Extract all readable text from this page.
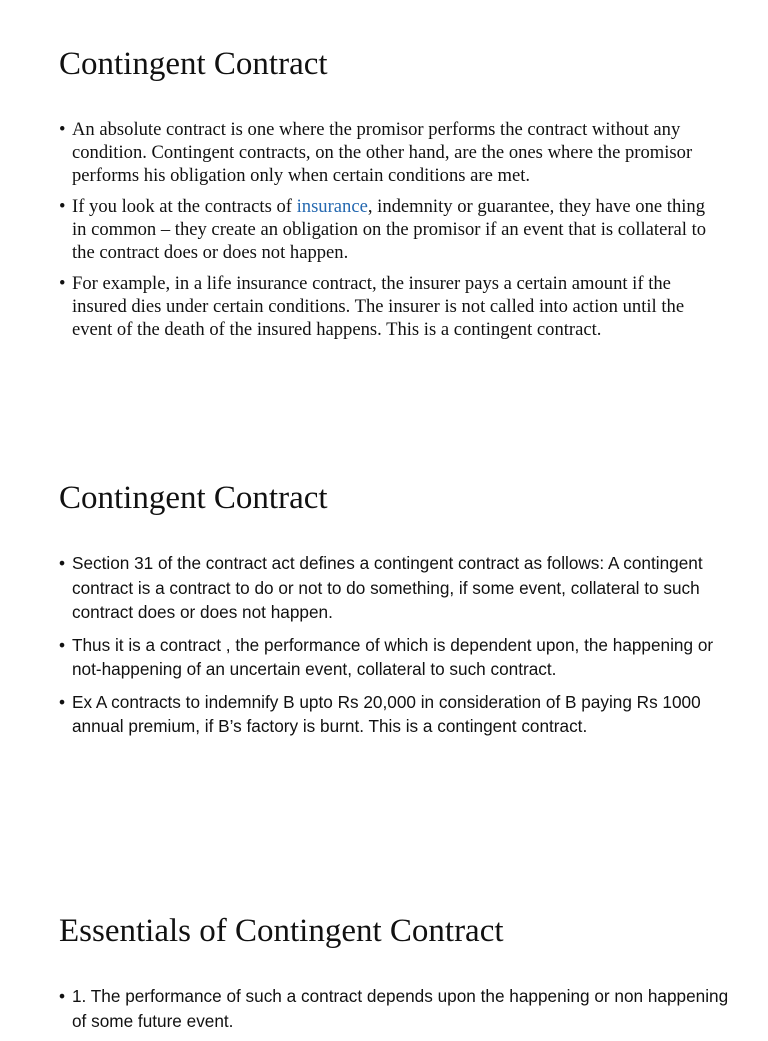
Contingent Contract
• An absolute contract is one where the promisor performs the contract without any condition. Contingent contracts, on the other hand, are the ones where the promisor performs his obligation only when certain conditions are met.
• If you look at the contracts of insurance, indemnity or guarantee, they have one thing in common – they create an obligation on the promisor if an event that is collateral to the contract does or does not happen.
• For example, in a life insurance contract, the insurer pays a certain amount if the insured dies under certain conditions. The insurer is not called into action until the event of the death of the insured happens. This is a contingent contract.
Contingent Contract
• Section 31 of the contract act defines a contingent contract as follows: A contingent contract is a contract to do or not to do something, if some event, collateral to such contract does or does not happen.
• Thus it is a contract , the performance of which is dependent upon, the happening or not-happening of an uncertain event, collateral to such contract.
• Ex A contracts to indemnify B upto Rs 20,000 in consideration of B paying Rs 1000 annual premium, if B’s factory is burnt. This is a contingent contract.
Essentials of Contingent Contract
• 1. The performance of such a contract depends upon the happening or non happening of some future event.
